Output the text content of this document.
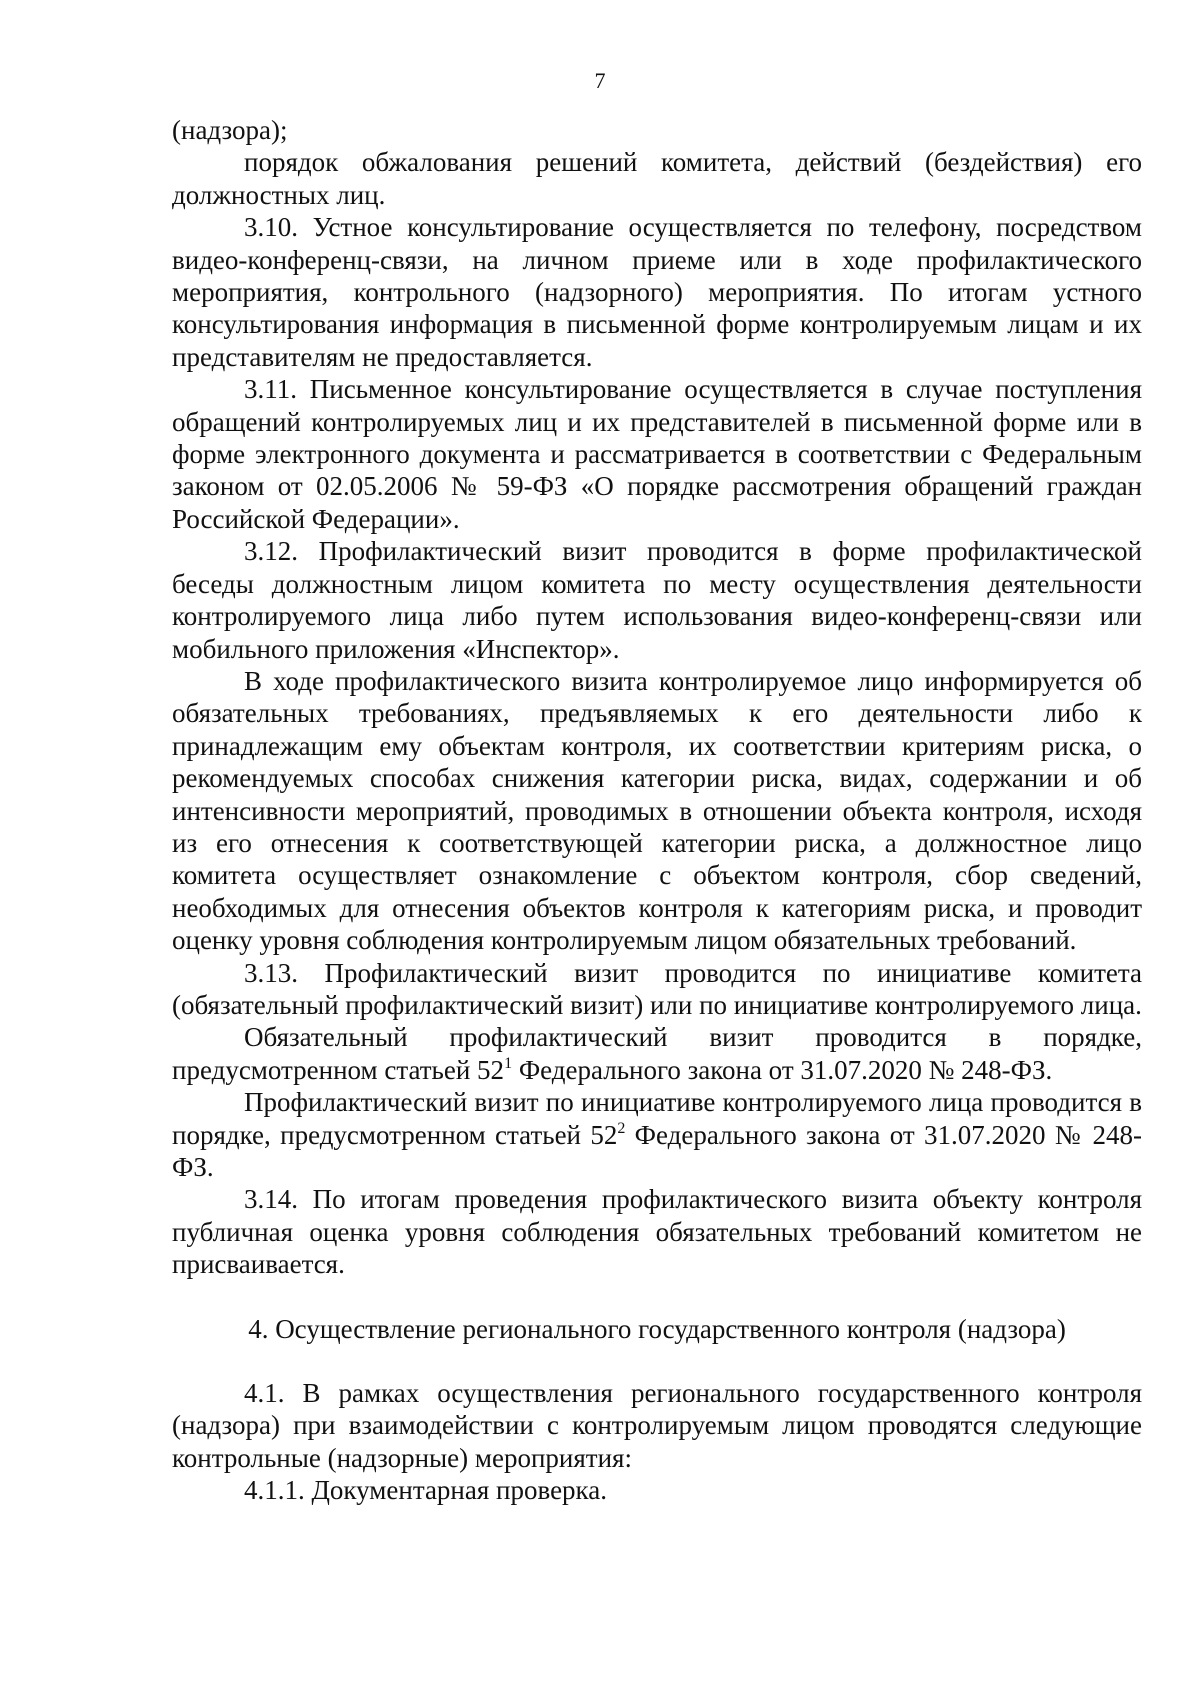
7

(надзора);

порядок обжалования решений комитета, действий (бездействия) его должностных лиц.

3.10. Устное консультирование осуществляется по телефону, посредством видео-конференц-связи, на личном приеме или в ходе профилактического мероприятия, контрольного (надзорного) мероприятия. По итогам устного консультирования информация в письменной форме контролируемым лицам и их представителям не предоставляется.

3.11. Письменное консультирование осуществляется в случае поступления обращений контролируемых лиц и их представителей в письменной форме или в форме электронного документа и рассматривается в соответствии с Федеральным законом от 02.05.2006 № 59-ФЗ «О порядке рассмотрения обращений граждан Российской Федерации».

3.12. Профилактический визит проводится в форме профилактической беседы должностным лицом комитета по месту осуществления деятельности контролируемого лица либо путем использования видео-конференц-связи или мобильного приложения «Инспектор».

В ходе профилактического визита контролируемое лицо информируется об обязательных требованиях, предъявляемых к его деятельности либо к принадлежащим ему объектам контроля, их соответствии критериям риска, о рекомендуемых способах снижения категории риска, видах, содержании и об интенсивности мероприятий, проводимых в отношении объекта контроля, исходя из его отнесения к соответствующей категории риска, а должностное лицо комитета осуществляет ознакомление с объектом контроля, сбор сведений, необходимых для отнесения объектов контроля к категориям риска, и проводит оценку уровня соблюдения контролируемым лицом обязательных требований.

3.13. Профилактический визит проводится по инициативе комитета (обязательный профилактический визит) или по инициативе контролируемого лица.

Обязательный профилактический визит проводится в порядке, предусмотренном статьей $52^1$ Федерального закона от 31.07.2020 № 248-ФЗ.

Профилактический визит по инициативе контролируемого лица проводится в порядке, предусмотренном статьей $52^2$ Федерального закона от 31.07.2020 № 248-ФЗ.

3.14. По итогам проведения профилактического визита объекту контроля публичная оценка уровня соблюдения обязательных требований комитетом не присваивается.

4. Осуществление регионального государственного контроля (надзора)

4.1. В рамках осуществления регионального государственного контроля (надзора) при взаимодействии с контролируемым лицом проводятся следующие контрольные (надзорные) мероприятия:

4.1.1. Документарная проверка.
